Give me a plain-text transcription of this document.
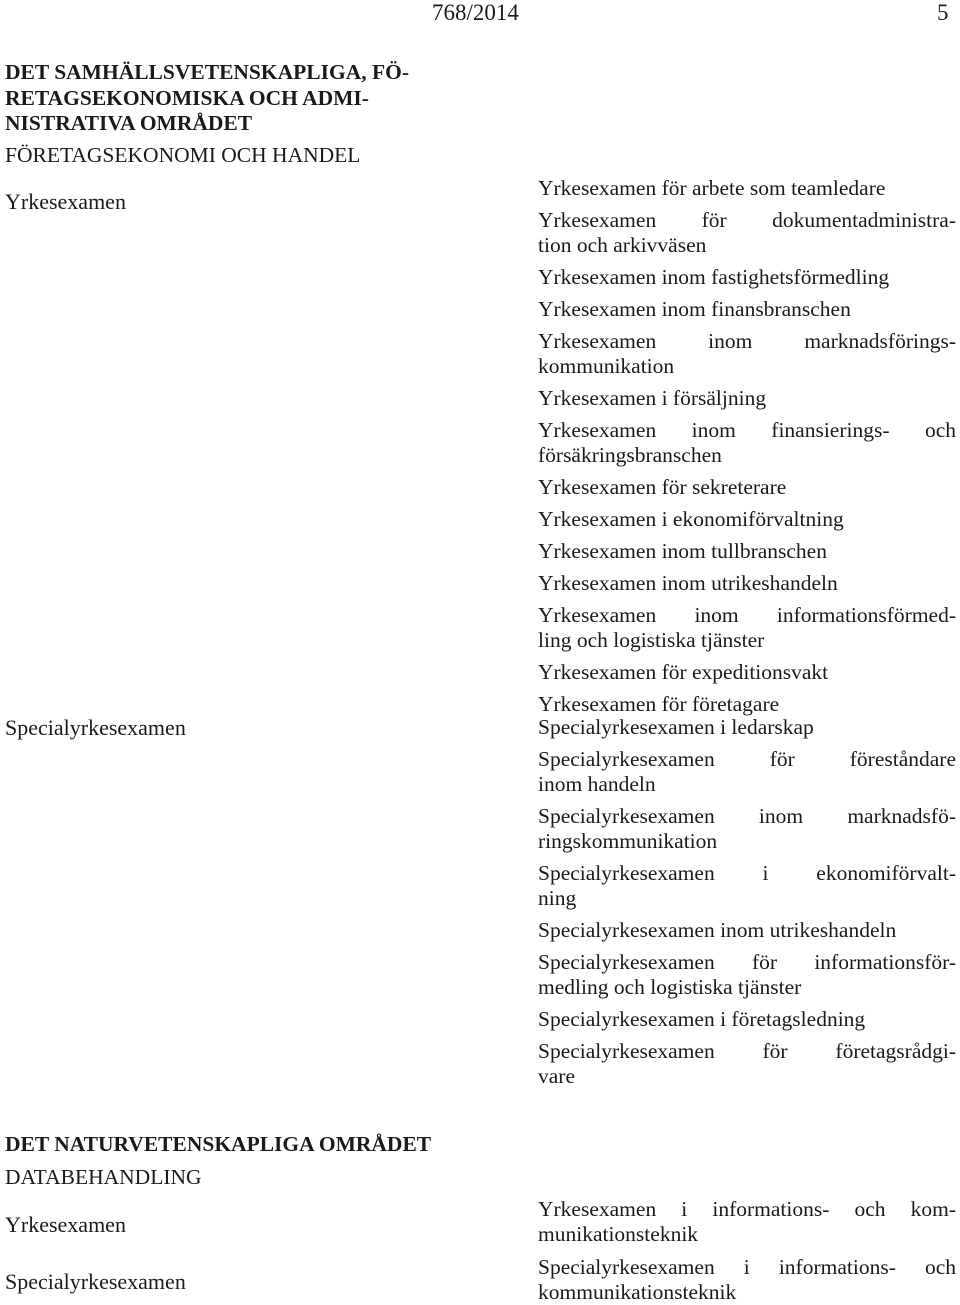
768/2014	5
DET SAMHÄLLSVETENSKAPLIGA, FÖ-
RETAGSEKONOMISKA OCH ADMI-
NISTRATIVA OMRÅDET
FÖRETAGSEKONOMI OCH HANDEL
Yrkesexamen
Specialyrkesexamen
Yrkesexamen för arbete som teamledare
Yrkesexamen för dokumentadministra-
tion och arkivväsen
Yrkesexamen inom fastighetsförmedling
Yrkesexamen inom finansbranschen
Yrkesexamen inom marknadsförings-
kommunikation
Yrkesexamen i försäljning
Yrkesexamen inom finansierings- och
försäkringsbranschen
Yrkesexamen för sekreterare
Yrkesexamen i ekonomiförvaltning
Yrkesexamen inom tullbranschen
Yrkesexamen inom utrikeshandeln
Yrkesexamen inom informationsförmed-
ling och logistiska tjänster
Yrkesexamen för expeditionsvakt
Yrkesexamen för företagare
Specialyrkesexamen i ledarskap
Specialyrkesexamen för föreståndare
inom handeln
Specialyrkesexamen inom marknadsfö-
ringskommunikation
Specialyrkesexamen i ekonomiförvalt-
ning
Specialyrkesexamen inom utrikeshandeln
Specialyrkesexamen för informationsför-
medling och logistiska tjänster
Specialyrkesexamen i företagsledning
Specialyrkesexamen för företagsrådgi-
vare
DET NATURVETENSKAPLIGA OMRÅDET
DATABEHANDLING
Yrkesexamen
Specialyrkesexamen
Yrkesexamen i informations- och kom-
munikationsteknik
Specialyrkesexamen i informations- och
kommunikationsteknik
